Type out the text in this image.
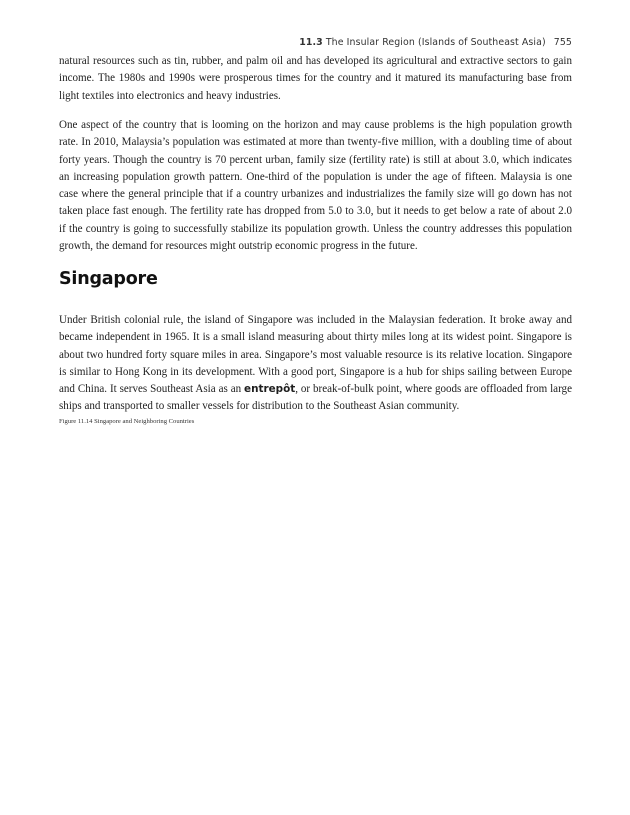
11.3 The Insular Region (Islands of Southeast Asia) 755

natural resources such as tin, rubber, and palm oil and has developed its agricultural and extractive sectors to gain income. The 1980s and 1990s were prosperous times for the country and it matured its manufacturing base from light textiles into electronics and heavy industries.

One aspect of the country that is looming on the horizon and may cause problems is the high population growth rate. In 2010, Malaysia’s population was estimated at more than twenty-five million, with a doubling time of about forty years. Though the country is 70 percent urban, family size (fertility rate) is still at about 3.0, which indicates an increasing population growth pattern. One-third of the population is under the age of fifteen. Malaysia is one case where the general principle that if a country urbanizes and industrializes the family size will go down has not taken place fast enough. The fertility rate has dropped from 5.0 to 3.0, but it needs to get below a rate of about 2.0 if the country is going to successfully stabilize its population growth. Unless the country addresses this population growth, the demand for resources might outstrip economic progress in the future.

Singapore

Under British colonial rule, the island of Singapore was included in the Malaysian federation. It broke away and became independent in 1965. It is a small island measuring about thirty miles long at its widest point. Singapore is about two hundred forty square miles in area. Singapore’s most valuable resource is its relative location. Singapore is similar to Hong Kong in its development. With a good port, Singapore is a hub for ships sailing between Europe and China. It serves Southeast Asia as an entrepôt, or break-of-bulk point, where goods are offloaded from large ships and transported to smaller vessels for distribution to the Southeast Asian community.

Figure 11.14 Singapore and Neighboring Countries
